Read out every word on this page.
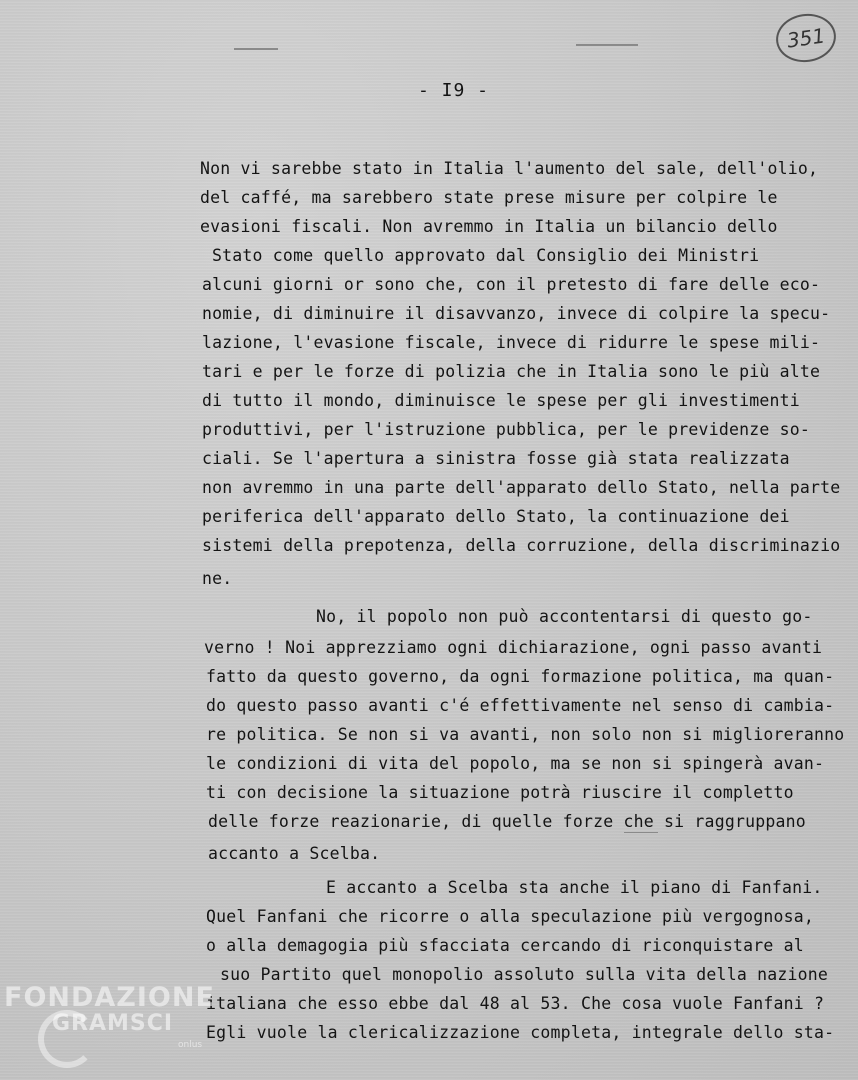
351
- I9 -
Non vi sarebbe stato in Italia l'aumento del sale, dell'olio,
del caffé, ma sarebbero state prese misure per colpire le
evasioni fiscali. Non avremmo in Italia un bilancio dello
Stato come quello approvato dal Consiglio dei Ministri
alcuni giorni or sono che, con il pretesto di fare delle eco-
nomie, di diminuire il disavvanzo, invece di colpire la specu-
lazione, l'evasione fiscale, invece di ridurre le spese mili-
tari e per le forze di polizia che in Italia sono le più alte
di tutto il mondo, diminuisce le spese per gli investimenti
produttivi, per l'istruzione pubblica, per le previdenze so-
ciali. Se l'apertura a sinistra fosse già stata realizzata
non avremmo in una parte dell'apparato dello Stato, nella parte
periferica dell'apparato dello Stato, la continuazione dei
sistemi della prepotenza, della corruzione, della discriminazio
ne.
No, il popolo non può accontentarsi di questo go-
verno ! Noi apprezziamo ogni dichiarazione, ogni passo avanti
fatto da questo governo, da ogni formazione politica, ma quan-
do questo passo avanti c'é effettivamente nel senso di cambia-
re politica. Se non si va avanti, non solo non si miglioreranno
le condizioni di vita del popolo, ma se non si spingerà avan-
ti con decisione la situazione potrà riuscire il completto
delle forze reazionarie, di quelle forze che si raggruppano
accanto a Scelba.
E accanto a Scelba sta anche il piano di Fanfani.
Quel Fanfani che ricorre o alla speculazione più vergognosa,
o alla demagogia più sfacciata cercando di riconquistare al
suo Partito quel monopolio assoluto sulla vita della nazione
italiana che esso ebbe dal 48 al 53. Che cosa vuole Fanfani ?
Egli vuole la clericalizzazione completa, integrale dello sta-
FONDAZIONE
GRAMSCI
onlus
